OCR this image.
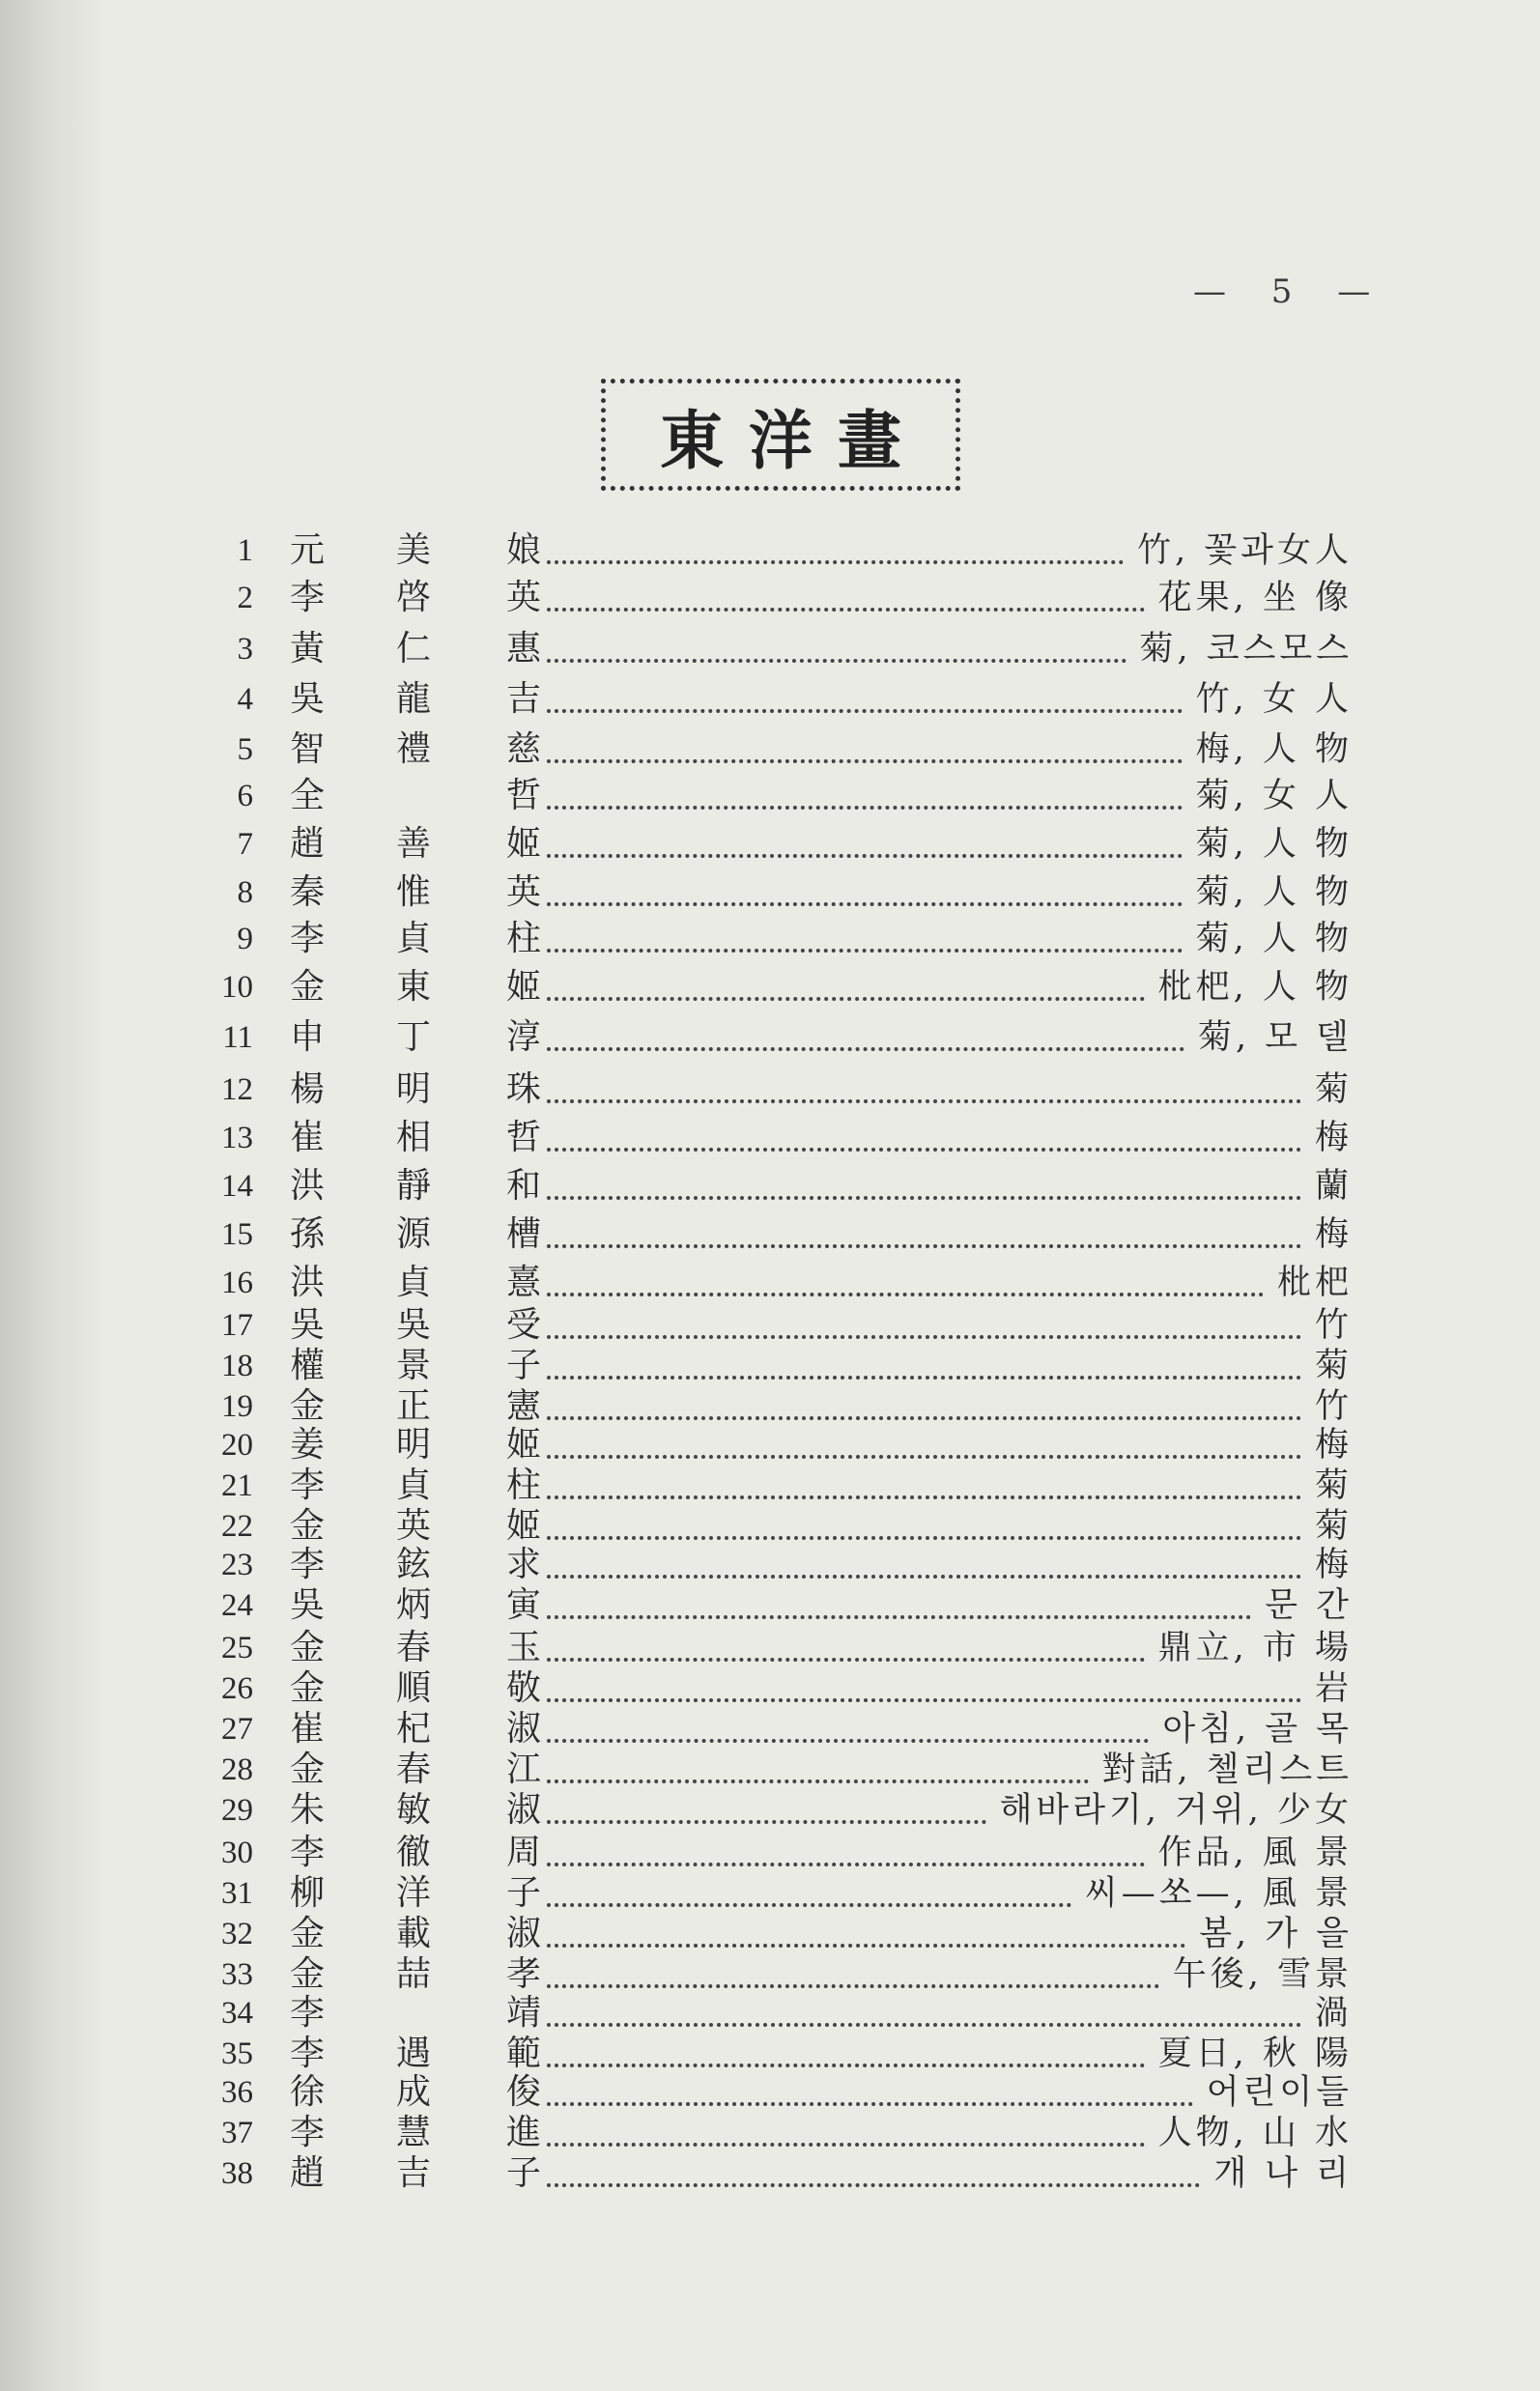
— 5 —
東洋畫
1 元 美 娘	竹, 꽃과女人
2 李 啓 英	花果, 坐 像
3 黃 仁 惠	菊, 코스모스
4 吳 龍 吉	竹, 女 人
5 智 禮 慈	梅, 人 物
6 全	哲	菊, 女 人
7 趙 善 姬	菊, 人 物
8 秦 惟 英	菊, 人 物
9 李 貞 柱	菊, 人 物
10 金 東 姬	枇杷, 人 物
11 申 丁 淳	菊, 모 델
12 楊 明 珠	菊
13 崔 相 哲	梅
14 洪 靜 和	蘭
15 孫 源 槽	梅
16 洪 貞 憙	枇杷
17 吳 吳 受	竹
18 權 景 子	菊
19 金 正 憲	竹
20 姜 明 姬	梅
21 李 貞 柱	菊
22 金 英 姬	菊
23 李 鉉 求	梅
24 吳 炳 寅	문 간
25 金 春 玉	鼎立, 市 場
26 金 順 敬	岩
27 崔 杞 淑	아침, 골 목
28 金 春 江	對話, 첼리스트
29 朱 敏 淑	해바라기, 거위, 少女
30 李 徹 周	作品, 風 景
31 柳 洋 子	씨—쏘—, 風 景
32 金 載 淑	봄, 가 을
33 金 喆 孝	午後, 雪景
34 李	靖	渦
35 李 遇 範	夏日, 秋 陽
36 徐 成 俊	어린이들
37 李 慧 進	人物, 山 水
38 趙 吉 子	개 나 리
